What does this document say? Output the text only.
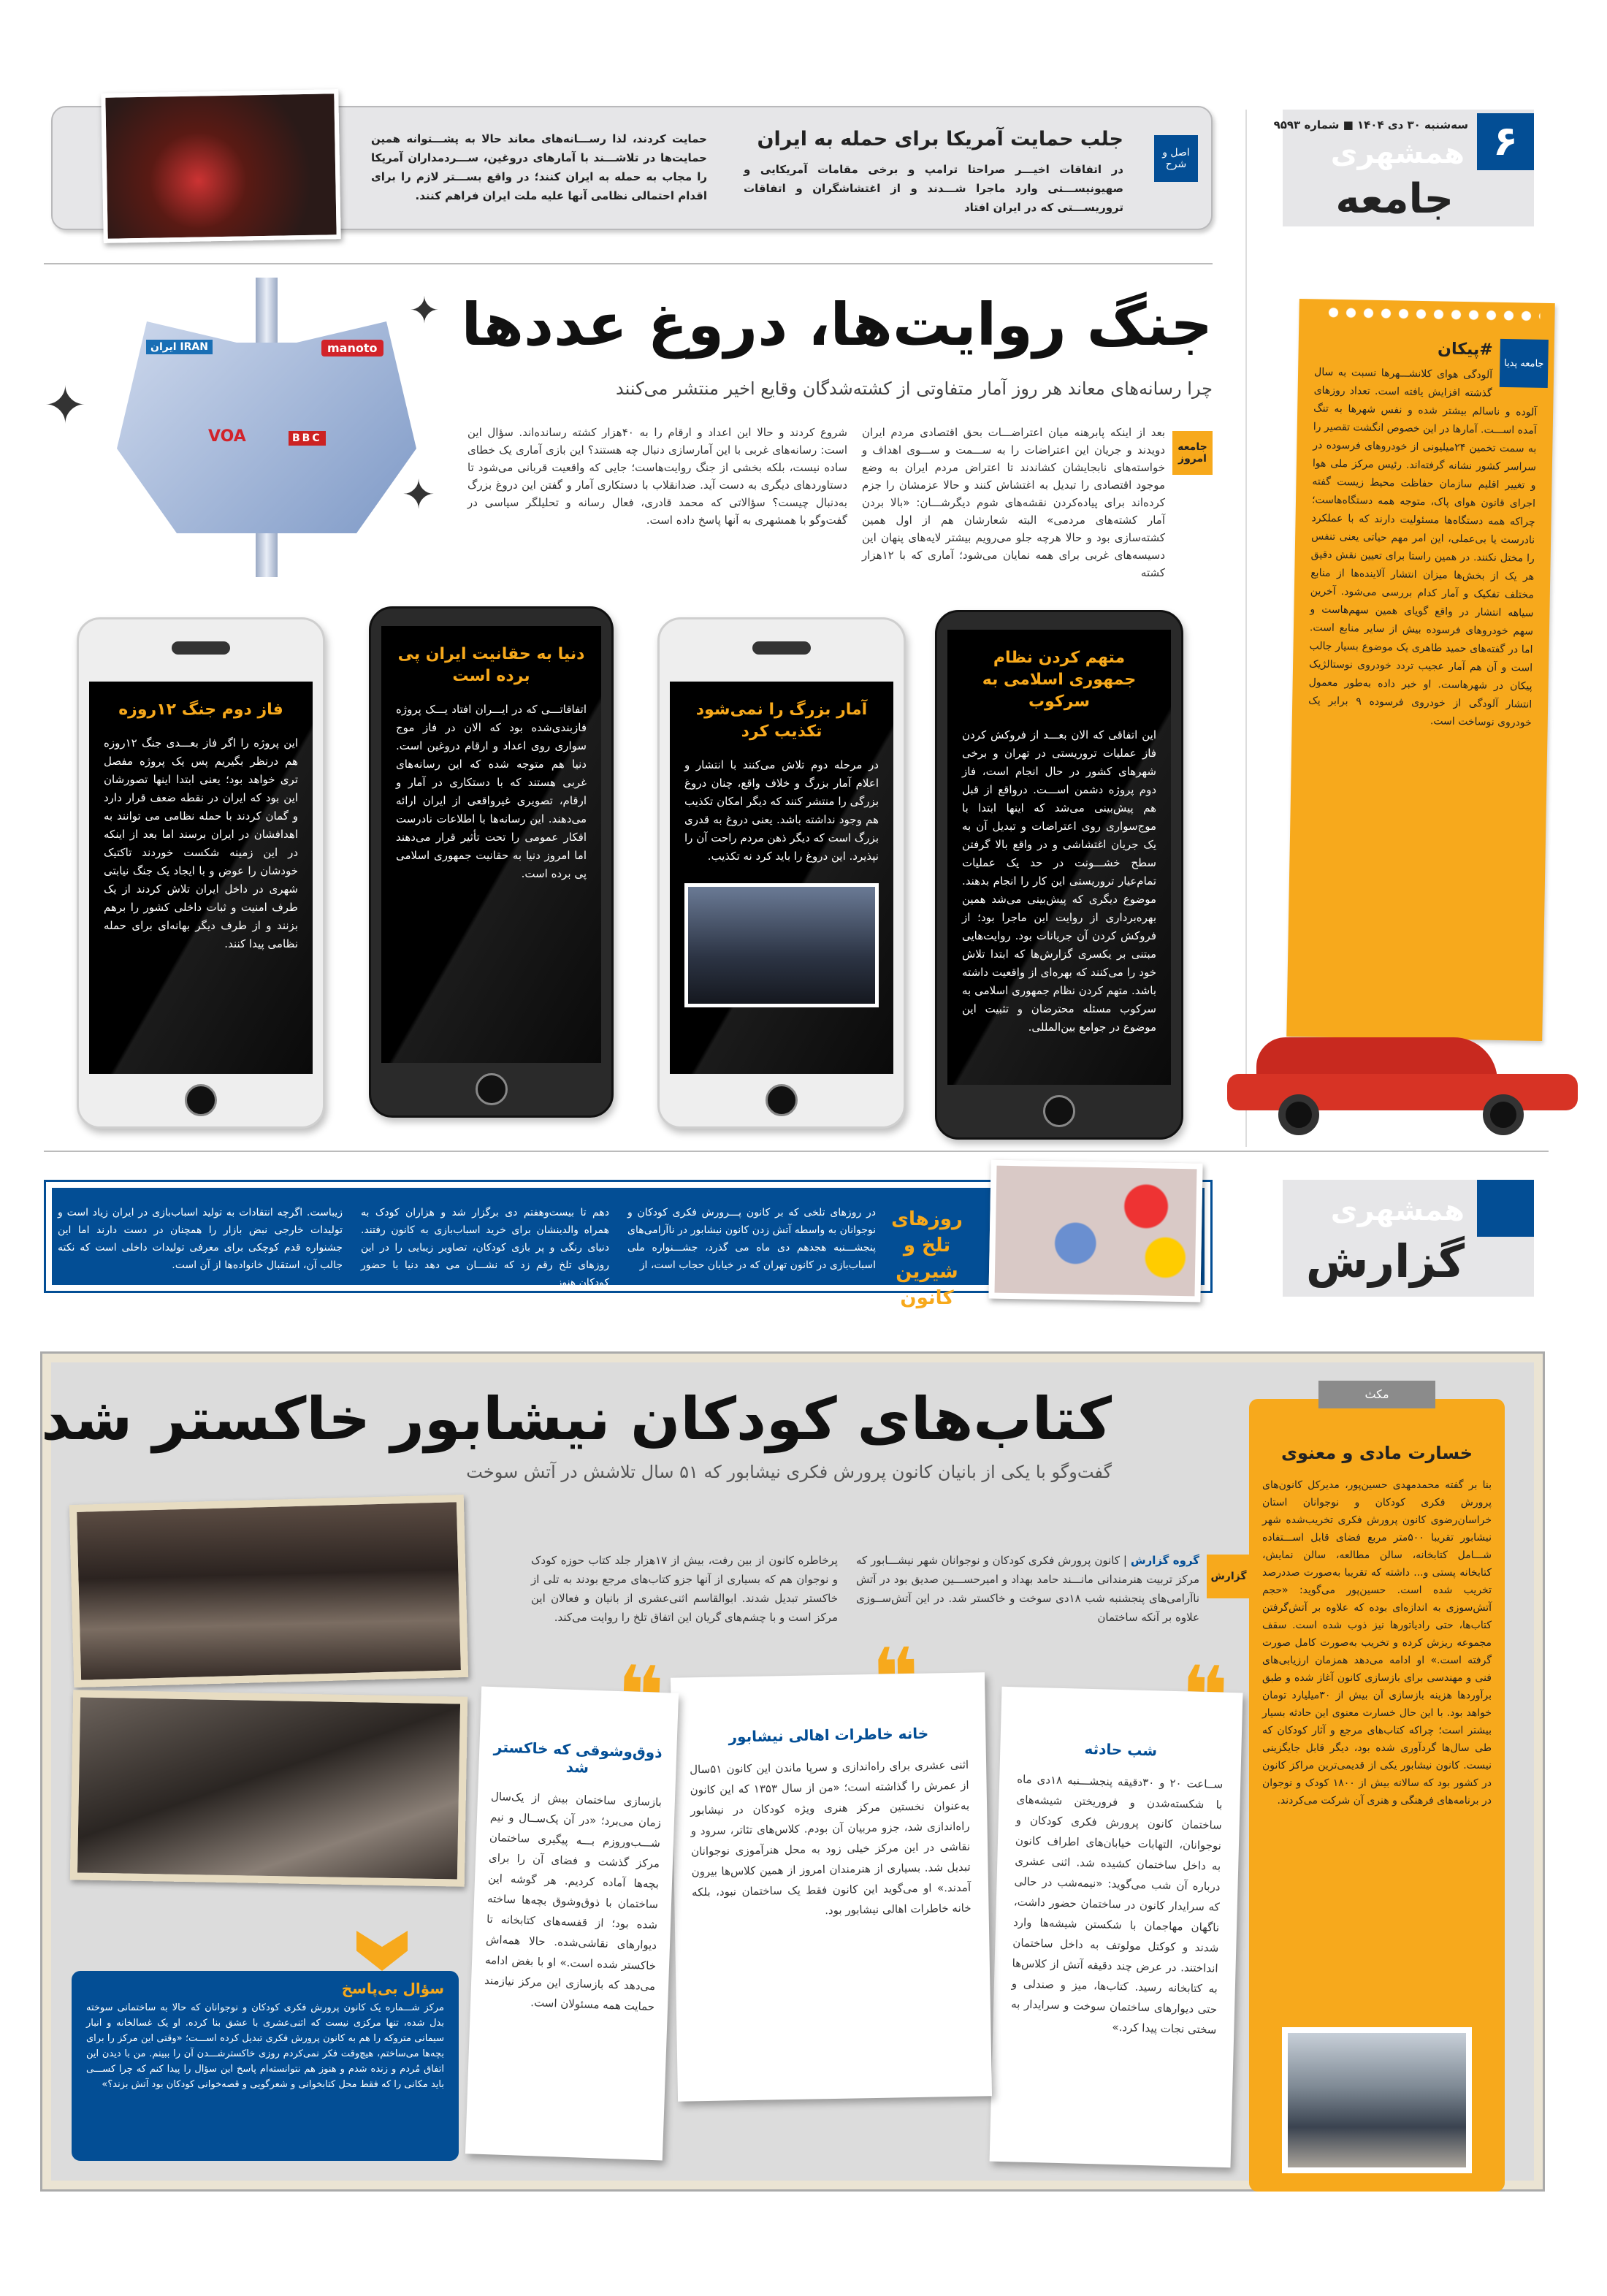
۶
سه‌شنبه ۳۰ دی ۱۴۰۴ ■ شماره ۹۵۹۳
همشهری
جامعه
اصل و شرح
جلب حمایت آمریکا برای حمله به ایران
در اتفاقات اخیـــر صراحتا ترامپ و برخی مقامات آمریکایی و صهیونیســـتی وارد ماجرا شـــدند و از اغتشاشگران و اتفاقات تروریســـتی که در ایران افتاد
حمایت کردند، لذا رســـانه‌های معاند حالا به پشـــتوانه همین حمایت‌ها در تلاشـــند با آمارهای دروغین، ســـردمداران آمریکا را مجاب به حمله به ایران کنند؛ در واقع بســـتر لازم را برای اقدام احتمالی نظامی آنها علیه ملت ایران فراهم کنند.
ایران IRAN	manoto
VOA	BBC
✦
✦
✦
جنگ روایت‌ها، دروغ عددها
چرا رسانه‌های معاند هر روز آمار متفاوتی از کشته‌شدگان وقایع اخیر منتشر می‌کنند
جامعه امروز
بعد از اینکه پابرهنه میان اعتراضـــات بحق اقتصادی مردم ایران دویدند و جریان این اعتراضات را به ســـمت و ســـوی اهداف و خواسته‌های نابجایشان کشاندند تا اعتراض مردم ایران به وضع موجود اقتصادی را تبدیل به اغتشاش کنند و حالا عزمشان را جزم کرده‌اند برای پیاده‌کردن نقشه‌های شوم دیگرشـــان: «بالا بردن آمار کشته‌های مردمی» البته شعارشان هم از اول همین کشته‌سازی بود و حالا هرچه جلو می‌رویم بیشتر لایه‌های پنهان این دسیسه‌های غربی برای همه نمایان می‌شود؛ آماری که با ۱۲هزار کشته
شروع کردند و حالا این اعداد و ارقام را به ۴۰هزار کشته رسانده‌اند. سؤال این است: رسانه‌های غربی با این آمارسازی دنبال چه هستند؟ این بازی آماری یک خطای ساده نیست، بلکه بخشی از جنگ روایت‌هاست؛ جایی که واقعیت قربانی می‌شود تا دستاوردهای دیگری به دست آید. ضدانقلاب با دستکاری آمار و گفتن این دروغ بزرگ به‌دنبال چیست؟ سؤالاتی که محمد قادری، فعال رسانه و تحلیلگر سیاسی در گفت‌وگو با همشهری به آنها پاسخ داده است.
متهم کردن نظام جمهوری اسلامی به سرکوب

این اتفاقی که الان بعـــد از فروکش کردن فاز عملیات تروریستی در تهران و برخی شهرهای کشور در حال انجام است، فاز دوم پروژه دشمن اســـت. درواقع از قبل هم پیش‌بینی می‌شد که اینها ابتدا با موج‌سواری روی اعتراضات و تبدیل آن به یک جریان اغتشاشی و در واقع بالا گرفتن سطح خشـــونت در حد یک عملیات تمام‌عیار تروریستی این کار را انجام بدهند. موضوع دیگری که پیش‌بینی می‌شد همین بهره‌برداری از روایت این ماجرا بود؛ از فروکش کردن آن جریانات بود. روایت‌هایی مبتنی بر یکسری گزارش‌ها که ابتدا تلاش خود را می‌کنند که بهره‌ای از واقعیت داشته باشد. متهم کردن نظام جمهوری اسلامی به سرکوب مسئله محترضان و تثبیت این موضوع در جوامع بین‌المللی.

آمار بزرگ را نمی‌شود تکذیب کرد

در مرحله دوم تلاش می‌کنند با انتشار و اعلام آمار بزرگ و خلاف واقع، چنان دروغ بزرگی را منتشر کنند که دیگر امکان تکذیب هم وجود نداشته باشد. یعنی دروغ به قدری بزرگ است که دیگر ذهن مردم راحت آن را نپذیرد. این دروغ را باید کرد نه تکذیب.

دنیا به حقانیت ایران پی برده است

اتفاقاتـــی که در ایـــران افتاد یـــک پروژه فازبندی‌شده بود که الان در فاز موج سواری روی اعداد و ارقام دروغین است. دنیا هم متوجه شده که این رسانه‌های غربی هستند که با دستکاری در آمار و ارقام، تصویری غیرواقعی از ایران ارائه می‌دهند. این رسانه‌ها با اطلاعات نادرست افکار عمومی را تحت تأثیر قرار می‌دهند اما امروز دنیا به حقانیت جمهوری اسلامی پی برده است.

فاز دوم جنگ ۱۲روزه

این پروژه را اگر فاز بعـــدی جنگ ۱۲روزه هم درنظر بگیریم پس یک پروژه مفصل تری خواهد بود؛ یعنی ابتدا اینها تصورشان این بود که ایران در نقطه ضعف قرار دارد و گمان کردند با حمله نظامی می توانند به اهدافشان در ایران برسند اما بعد از اینکه در این زمینه شکست خوردند تاکتیک خودشان را عوض و با ایجاد یک جنگ نیابتی شهری در داخل ایران تلاش کردند از یک طرف امنیت و ثبات داخلی کشور را برهم بزنند و از طرف دیگر بهانه‌ای برای حمله نظامی پیدا کنند.

جامعه پدیا
#پیکان
آلودگی هوای کلانشـــهرها نسبت به سال گذشته افزایش یافته است. تعداد روزهای آلوده و ناسالم بیشتر شده و نفس شهرها به تنگ آمده اســـت. آمارها در این خصوص انگشت تقصیر را به سمت تخمین ۲۴میلیونی از خودروهای فرسوده در سراسر کشور نشانه گرفته‌اند. رئیس مرکز ملی هوا و تغییر اقلیم سازمان حفاظت محیط زیست گفته اجرای قانون هوای پاک، متوجه همه دستگاه‌هاست؛ چراکه همه دستگاه‌ها مسئولیت دارند که با عملکرد نادرست یا بی‌عملی، این امر مهم حیاتی یعنی تنفس را مختل نکنند. در همین راستا برای تعیین نقش دقیق هر یک از بخش‌ها میزان انتشار آلاینده‌ها از منابع مختلف تفکیک و آمار کدام بررسی می‌شود. آخرین سیاهه انتشار در واقع گویای همین سهم‌هاست و سهم خودروهای فرسوده بیش از سایر منابع است. اما در گفته‌های حمید طاهری یک موضوع بسیار جالب است و آن هم آمار عجیب تردد خودروی نوستالژیک پیکان در شهرهاست. او خبر داده به‌طور معمول انتشار آلودگی از خودروی فرسوده ۹ برابر یک خودروی نوساخت است.
روزهای تلخ و شیرین کانون
در روزهای تلخی که بر کانون پـــرورش فکری کودکان و نوجوانان به واسطه آتش زدن کانون نیشابور در ناآرامی‌های پنجشـــنبه هجدهم دی ماه می گذرد، جشـــنواره ملی اسباب‌بازی در کانون تهران که در خیابان حجاب است، از
دهم تا بیست‌وهفتم دی برگزار شد و هزاران کودک به همراه والدینشان برای خرید اسباب‌بازی به کانون رفتند. دنیای رنگی و پر بازی کودکان، تصاویر زیبایی را در این روزهای تلخ رقم زد که نشـــان می دهد دنیا با حضور کودکان هنوز
زیباست. اگرچه انتقادات به تولید اسباب‌بازی در ایران زیاد است و تولیدات خارجی نبض بازار را همچنان در دست دارند اما این جشنواره قدم کوچکی برای معرفی تولیدات داخلی است که نکته جالب آن، استقبال خانواده‌ها از آن است.
همشهری
گزارش
کتاب‌های کودکان نیشابور خاکستر شد
گفت‌وگو با یکی از بانیان کانون پرورش فکری نیشابور که ۵۱ سال تلاشش در آتش سوخت
گزارش
گروه گزارش | کانون پرورش فکری کودکان و نوجوانان شهر نیشـــابور که مرکز تربیت هنرمندانی مانـــند حامد بهداد و امیرحســـین صدیق بود در آتش ناآرامی‌های پنجشنبه شب ۱۸دی سوخت و خاکستر شد. در این آتش‌ســوزی علاوه بر آنکه ساختمان
پرخاطره کانون از بین رفت، بیش از ۱۷هزار جلد کتاب حوزه کودک و نوجوان هم که بسیاری از آنها جزو کتاب‌های مرجع بودند به تلی از خاکستر تبدیل شدند. ابوالقاسم اثنی‌عشری از بانیان و فعالان این مرکز است و با چشم‌های گریان این اتفاق تلخ را روایت می‌کند.
❝
شب حادثه

ســاعت ۲۰ و ۳۰دقیقه پنجشـــنبه ۱۸دی ماه با شکسته‌شدن و فروریختن شیشه‌های ساختمان کانون پرورش فکری کودکان و نوجوانان، التهابات خیابان‌های اطراف کانون به داخل ساختمان کشیده شد. اثنی عشری درباره آن شب می‌گوید: «نیمه‌شب در حالی که سرایدار کانون در ساختمان حضور داشت، ناگهان مهاجمان با شکستن شیشه‌ها وارد شدند و کوکتل مولوتف به داخل ساختمان انداختند. در عرض چند دقیقه آتش از کلاس‌ها به کتابخانه رسید. کتاب‌ها، میز و صندلی و حتی دیوارهای ساختمان سوخت و سرایدار به سختی نجات پیدا کرد.»

❝
خانه خاطرات اهالی نیشابور

اثنی عشری برای راه‌اندازی و سرپا ماندن این کانون ۵۱سال از عمرش را گذاشته است؛ «من از سال ۱۳۵۳ که این کانون به‌عنوان نخستین مرکز هنری ویژه کودکان در نیشابور راه‌اندازی شد، جزو مربیان آن بودم. کلاس‌های تئاتر، سرود و نقاشی در این مرکز خیلی زود به محل هنرآموزی نوجوانان تبدیل شد. بسیاری از هنرمندان امروز از همین کلاس‌ها بیرون آمدند.» او می‌گوید این کانون فقط یک ساختمان نبود، بلکه خانه خاطرات اهالی نیشابور بود.

❝
ذوق‌وشوقی که خاکستر شد

بازسازی ساختمان بیش از یک‌سال زمان می‌برد؛ «در آن یک‌ســال و نیم شـــب‌وروزم بـــه پیگیری ساختمان مرکز گذشت و فضای آن را برای بچه‌ها آماده کردیم. هر گوشه این ساختمان با ذوق‌وشوق بچه‌ها ساخته شده بود؛ از قفسه‌های کتابخانه تا دیوارهای نقاشی‌شده. حالا همه‌اش خاکستر شده است.» او با بغض ادامه می‌دهد که بازسازی این مرکز نیازمند حمایت همه مسئولان است.

سؤال بی‌پاسخ
مرکز شـــماره یک کانون پرورش فکری کودکان و نوجوانان که حالا به ساختمانی سوخته بدل شده، تنها مرکزی نیست که اثنی‌عشری با عشق بنا کرده. او یک غسالخانه و انبار سیمانی متروکه را هم به کانون پرورش فکری تبدیل کرده اســـت؛ «وقتی این مرکز را برای بچه‌ها می‌ساختم، هیچ‌وقت فکر نمی‌کردم روزی خاکسترشـــدن آن را ببینم. من با دیدن این اتفاق مُردم و زنده شدم و هنوز هم نتوانسته‌ام پاسخ این سؤال را پیدا کنم که چرا کســـی باید مکانی را که فقط محل کتابخوانی و شعرگویی و قصه‌خوانی کودکان بود آتش بزند؟»
مکث
خسارت مادی و معنوی
بنا بر گفته محمدمهدی حسین‌پور، مدیرکل کانون‌های پرورش فکری کودکان و نوجوانان استان خراسان‌رضوی کانون پرورش فکری تخریب‌شده شهر نیشابور تقریبا ۵۰۰متر مربع فضای قابل اســـتفاده شـــامل کتابخانه، سالن مطالعه، سالن نمایش، کتابخانه پستی و... داشته که تقریبا به‌صورت صددرصد تخریب شده است. حسین‌پور می‌گوید: «حجم آتش‌سوزی به اندازه‌ای بوده که علاوه بر آتش‌گرفتن کتاب‌ها، حتی رادیاتورها نیز ذوب شده است. سقف مجموعه ریزش کرده و تخریب به‌صورت کامل صورت گرفته است.» او ادامه می‌دهد همزمان ارزیابی‌های فنی و مهندسی برای بازسازی کانون آغاز شده و طبق برآوردها هزینه بازسازی آن بیش از ۳۰میلیارد تومان خواهد بود. با این حال خسارت معنوی این حادثه بسیار بیشتر است؛ چراکه کتاب‌های مرجع و آثار کودکان که طی سال‌ها گردآوری شده بود، دیگر قابل جایگزینی نیست. کانون نیشابور یکی از قدیمی‌ترین مراکز کانون در کشور بود که سالانه بیش از ۱۸۰۰ کودک و نوجوان در برنامه‌های فرهنگی و هنری آن شرکت می‌کردند.
